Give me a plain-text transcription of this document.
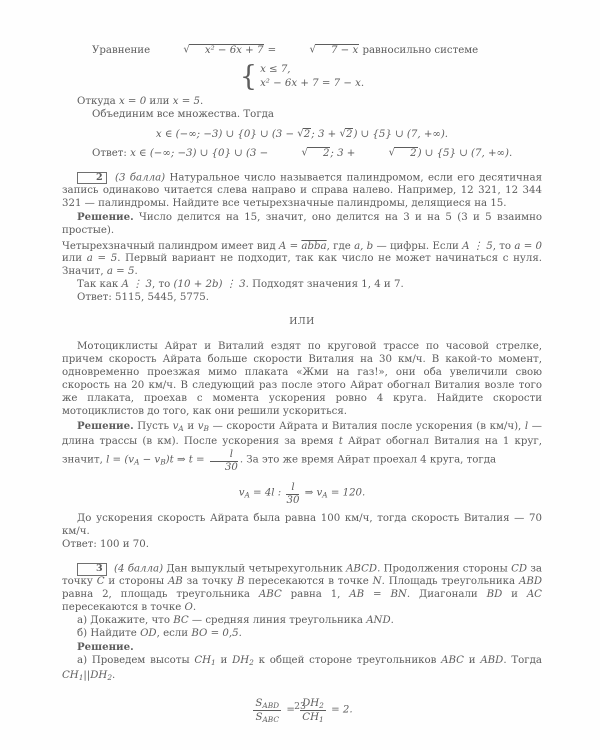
Уравнение	√ x² − 6x + 7 =	√ 7 − x равносильно системе
{ x ≤ 7,
x² − 6x + 7 = 7 − x.
Откуда x = 0 или x = 5.
Объединим все множества. Тогда
x ∈ (−∞; −3) ∪ {0} ∪ (3 − √2; 3 + √2) ∪ {5} ∪ (7, +∞).
Ответ: x ∈ (−∞; −3) ∪ {0} ∪ (3 −	√ 2; 3 +	√ 2) ∪ {5} ∪ (7, +∞).
2 (3 балла) Натуральное число называется палиндромом, если его десятичная запись одинаково читается слева направо и справа налево. Например, 12 321, 12 344 321 — палиндромы. Найдите все четырехзначные палиндромы, делящиеся на 15.
Решение. Число делится на 15, значит, оно делится на 3 и на 5 (3 и 5 взаимно простые).
Четырехзначный палиндром имеет вид A = abba, где a, b — цифры. Если A ⋮ 5, то a = 0 или a = 5. Первый вариант не подходит, так как число не может начинаться с нуля. Значит, a = 5.
Так как A ⋮ 3, то (10 + 2b) ⋮ 3. Подходят значения 1, 4 и 7.
Ответ: 5115, 5445, 5775.
ИЛИ
Мотоциклисты Айрат и Виталий ездят по круговой трассе по часовой стрелке, причем скорость Айрата больше скорости Виталия на 30 км/ч. В какой-то момент, одновременно проезжая мимо плаката «Жми на газ!», они оба увеличили свою скорость на 20 км/ч. В следующий раз после этого Айрат обогнал Виталия возле того же плаката, проехав с момента ускорения ровно 4 круга. Найдите скорости мотоциклистов до того, как они решили ускориться.
Решение. Пусть $v_A$ и $v_B$ — скорости Айрата и Виталия после ускорения (в км/ч), l — длина трассы (в км). После ускорения за время t Айрат обогнал Виталия на 1 круг, значит, $l = (v_A - v_B)t$ ⇒ $t = \frac{l}{30}$ . За это же время Айрат проехал 4 круга, тогда
$v_A = 4l$ : $\frac{l}{30}$ ⇒ $v_A = 120$.
До ускорения скорость Айрата была равна 100 км/ч, тогда скорость Виталия — 70 км/ч.
Ответ: 100 и 70.
3 (4 балла) Дан выпуклый четырехугольник ABCD. Продолжения стороны CD за точку C и стороны AB за точку B пересекаются в точке N. Площадь треугольника ABD равна 2, площадь треугольника ABC равна 1, AB = BN. Диагонали BD и AC пересекаются в точке O.
а) Докажите, что BC — средняя линия треугольника AND.
б) Найдите OD, если BO = 0,5.
Решение.
а) Проведем высоты $CH_1$ и $DH_2$ к общей стороне треугольников ABC и ABD. Тогда $CH_1||DH_2$.
$\frac{S_{ABD}}{S_{ABC}} = \frac{DH_2}{CH_1} = 2$.
23
